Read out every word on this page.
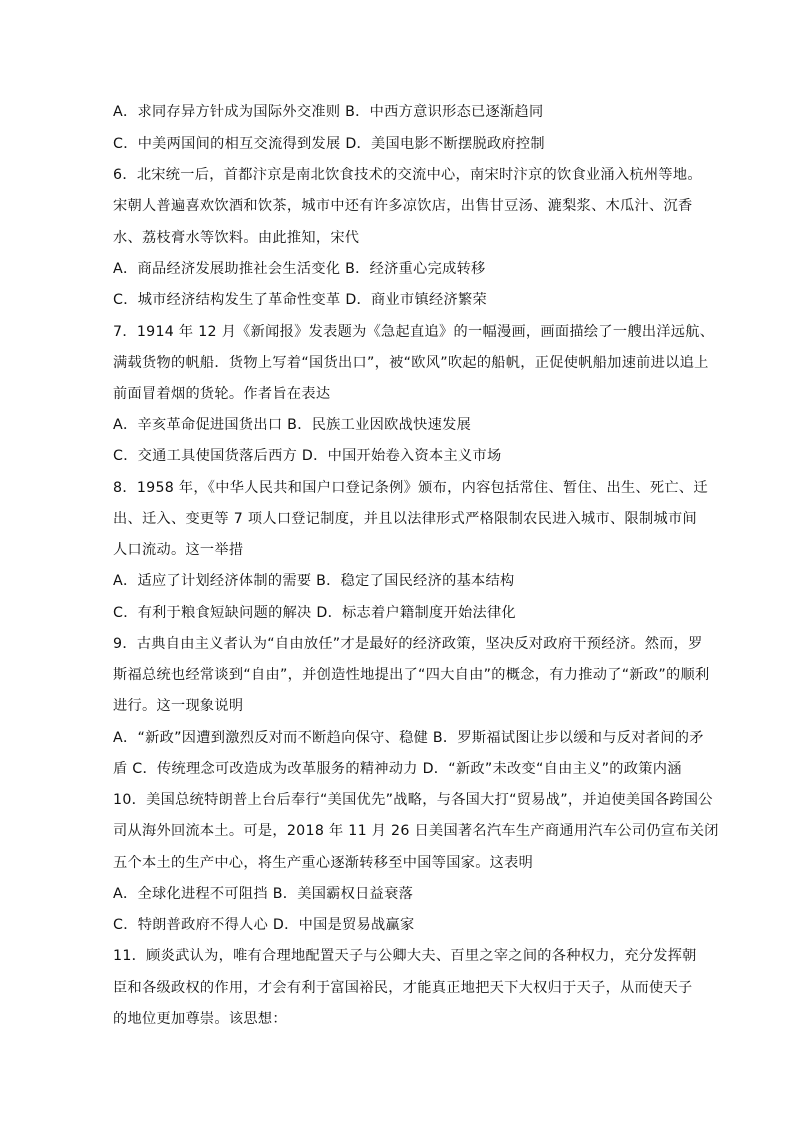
A．求同存异方针成为国际外交准则 B．中西方意识形态已逐渐趋同
C．中美两国间的相互交流得到发展 D．美国电影不断摆脱政府控制
6．北宋统一后，首都汴京是南北饮食技术的交流中心，南宋时汴京的饮食业涌入杭州等地。
宋朝人普遍喜欢饮酒和饮茶，城市中还有许多凉饮店，出售甘豆汤、漉梨浆、木瓜汁、沉香
水、荔枝膏水等饮料。由此推知，宋代
A．商品经济发展助推社会生活变化 B．经济重心完成转移
C．城市经济结构发生了革命性变革 D．商业市镇经济繁荣
7．1914 年 12 月《新闻报》发表题为《急起直追》的一幅漫画，画面描绘了一艘出洋远航、
满载货物的帆船．货物上写着“国货出口”，被“欧风”吹起的船帆，正促使帆船加速前进以追上
前面冒着烟的货轮。作者旨在表达
A．辛亥革命促进国货出口 B．民族工业因欧战快速发展
C．交通工具使国货落后西方 D．中国开始卷入资本主义市场
8．1958 年，《中华人民共和国户口登记条例》颁布，内容包括常住、暂住、出生、死亡、迁
出、迁入、变更等 7 项人口登记制度，并且以法律形式严格限制农民进入城市、限制城市间
人口流动。这一举措
A．适应了计划经济体制的需要 B．稳定了国民经济的基本结构
C．有利于粮食短缺问题的解决 D．标志着户籍制度开始法律化
9．古典自由主义者认为“自由放任”才是最好的经济政策，坚决反对政府干预经济。然而，罗
斯福总统也经常谈到“自由”，并创造性地提出了“四大自由”的概念，有力推动了“新政”的顺利
进行。这一现象说明
A．“新政”因遭到激烈反对而不断趋向保守、稳健 B．罗斯福试图让步以缓和与反对者间的矛
盾 C．传统理念可改造成为改革服务的精神动力 D．“新政”未改变“自由主义”的政策内涵
10．美国总统特朗普上台后奉行“美国优先”战略，与各国大打“贸易战”，并迫使美国各跨国公
司从海外回流本土。可是，2018 年 11 月 26 日美国著名汽车生产商通用汽车公司仍宣布关闭
五个本土的生产中心，将生产重心逐渐转移至中国等国家。这表明
A．全球化进程不可阻挡 B．美国霸权日益衰落
C．特朗普政府不得人心 D．中国是贸易战赢家
11．顾炎武认为，唯有合理地配置天子与公卿大夫、百里之宰之间的各种权力，充分发挥朝
臣和各级政权的作用，才会有利于富国裕民，才能真正地把天下大权归于天子，从而使天子
的地位更加尊崇。该思想：
